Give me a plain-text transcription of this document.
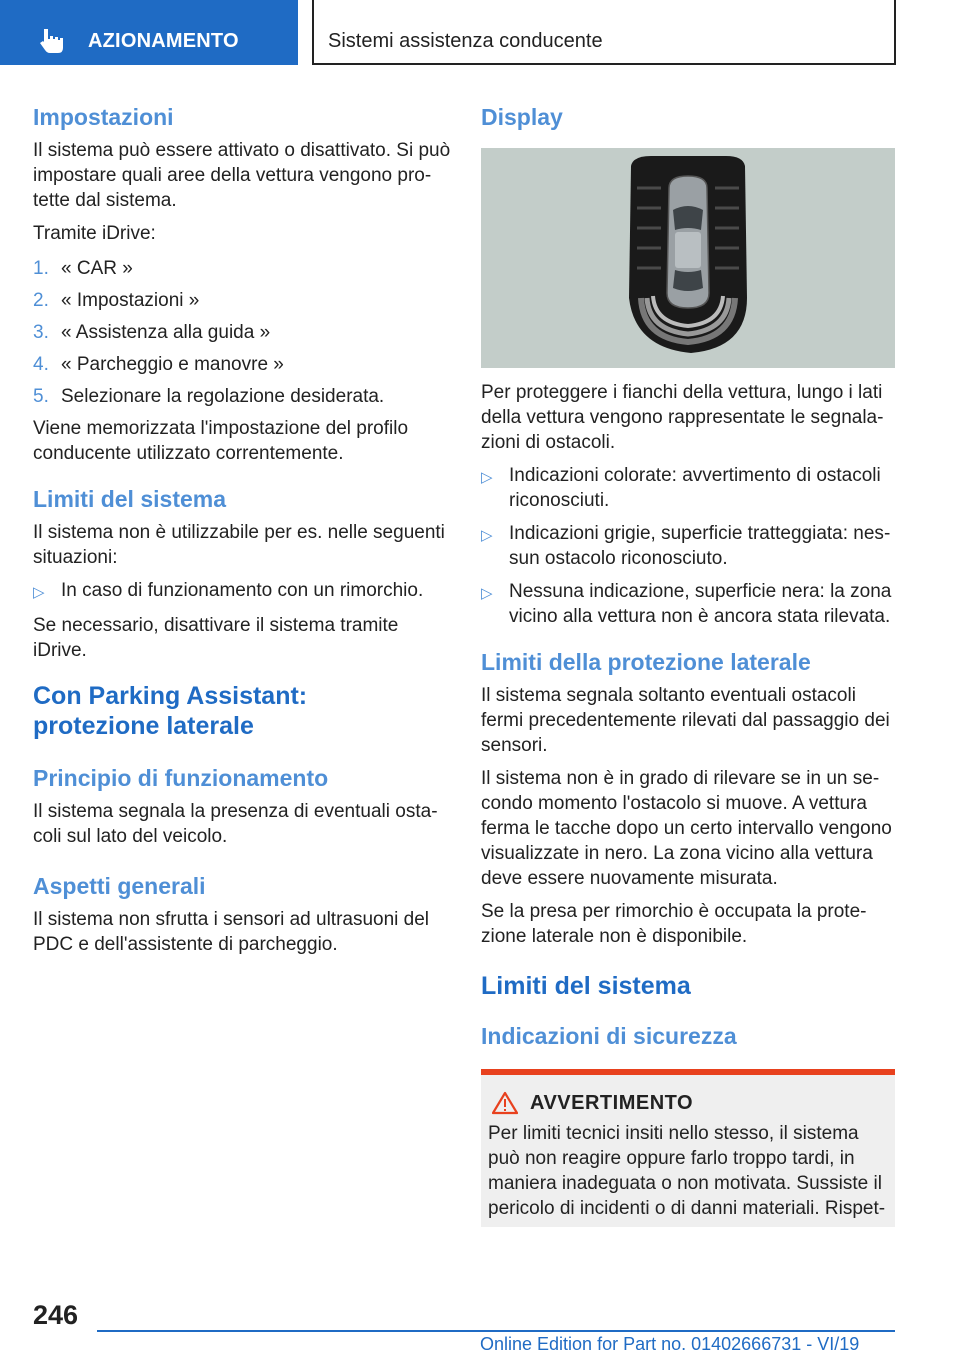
AZIONAMENTO	Sistemi assistenza conducente
Impostazioni

Il sistema può essere attivato o disattivato. Si può impostare quali aree della vettura vengono protette dal sistema.

Tramite iDrive:

1. « CAR »
2. « Impostazioni »
3. « Assistenza alla guida »
4. « Parcheggio e manovre »
5. Selezionare la regolazione desiderata.

Viene memorizzata l'impostazione del profilo conducente utilizzato correntemente.

Limiti del sistema

Il sistema non è utilizzabile per es. nelle seguenti situazioni:

▷ In caso di funzionamento con un rimorchio.

Se necessario, disattivare il sistema tramite iDrive.

Con Parking Assistant:
protezione laterale
Principio di funzionamento

Il sistema segnala la presenza di eventuali ostacoli sul lato del veicolo.

Aspetti generali

Il sistema non sfrutta i sensori ad ultrasuoni del PDC e dell'assistente di parcheggio.

Display

Per proteggere i fianchi della vettura, lungo i lati della vettura vengono rappresentate le segnalazioni di ostacoli.

▷ Indicazioni colorate: avvertimento di ostacoli riconosciuti.
▷ Indicazioni grigie, superficie tratteggiata: nessun ostacolo riconosciuto.
▷ Nessuna indicazione, superficie nera: la zona vicino alla vettura non è ancora stata rilevata.
Limiti della protezione laterale

Il sistema segnala soltanto eventuali ostacoli fermi precedentemente rilevati dal passaggio dei sensori.

Il sistema non è in grado di rilevare se in un secondo momento l'ostacolo si muove. A vettura ferma le tacche dopo un certo intervallo vengono visualizzate in nero. La zona vicino alla vettura deve essere nuovamente misurata.

Se la presa per rimorchio è occupata la protezione laterale non è disponibile.

Limiti del sistema
Indicazioni di sicurezza
AVVERTIMENTO

Per limiti tecnici insiti nello stesso, il sistema può non reagire oppure farlo troppo tardi, in maniera inadeguata o non motivata. Sussiste il pericolo di incidenti o di danni materiali. Rispet-

246
Online Edition for Part no. 01402666731 - VI/19
